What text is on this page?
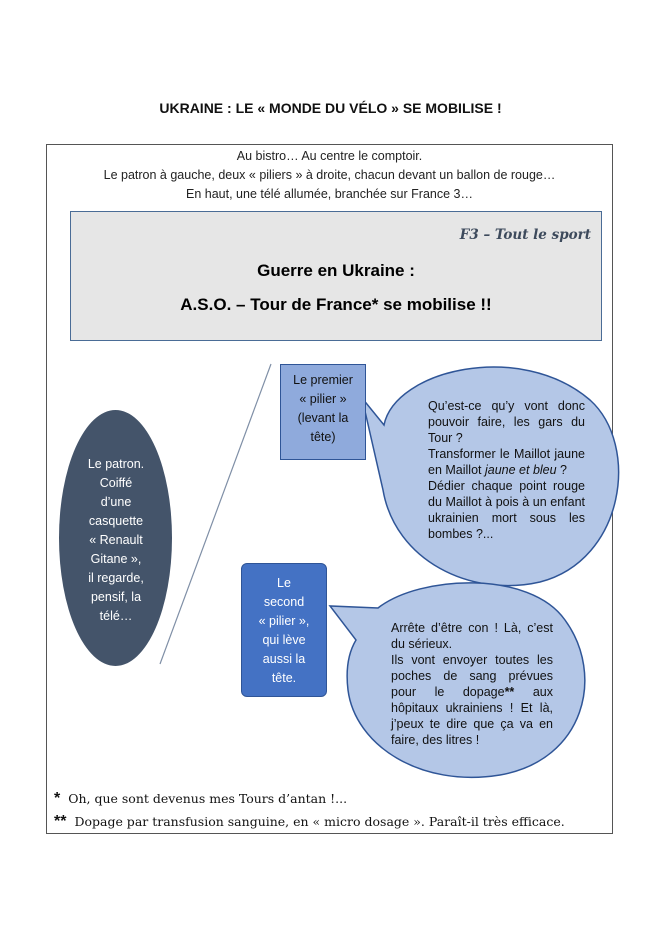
UKRAINE : LE « MONDE DU VÉLO » SE MOBILISE !
Au bistro… Au centre le comptoir.
Le patron à gauche, deux « piliers » à droite, chacun devant un ballon de rouge…
En haut, une télé allumée, branchée sur France 3…
F3 – Tout le sport
Guerre en Ukraine :
A.S.O. – Tour de France* se mobilise !!
Le patron.
Coiffé
d’une
casquette
« Renault
Gitane »,
il regarde,
pensif, la
télé…
Le premier
« pilier »
(levant la
tête)
Le
second
« pilier »,
qui lève
aussi la
tête.
Qu’est-ce qu’y vont donc pouvoir faire, les gars du Tour ?
Transformer le Maillot jaune en Maillot jaune et bleu ?
Dédier chaque point rouge du Maillot à pois à un enfant ukrainien mort sous les bombes ?...
Arrête d’être con ! Là, c’est du sérieux.
Ils vont envoyer toutes les poches de sang prévues pour le dopage** aux hôpitaux ukrainiens ! Et là, j’peux te dire que ça va en faire, des litres !
* Oh, que sont devenus mes Tours d’antan !...
** Dopage par transfusion sanguine, en « micro dosage ». Paraît-il très efficace.
